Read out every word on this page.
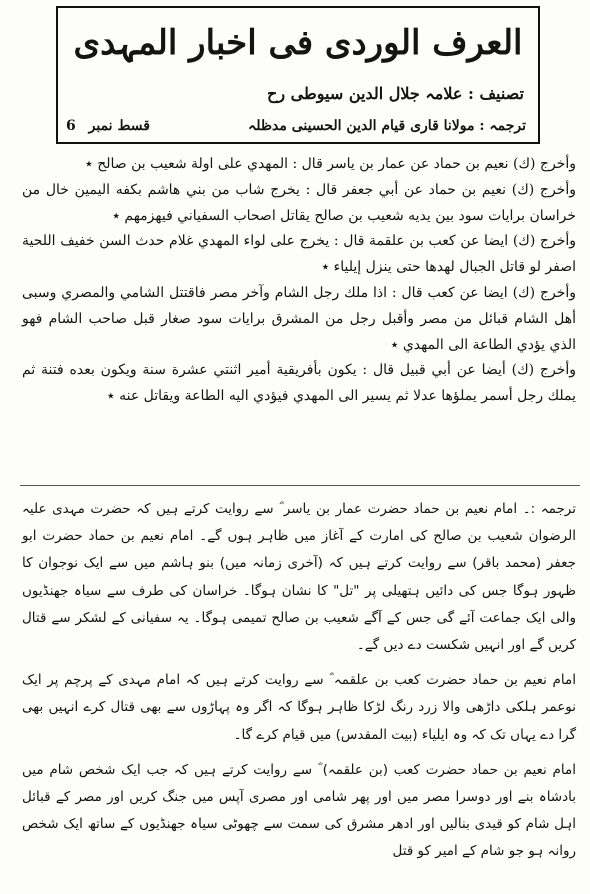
العرف الوردی فی اخبار المہدی
تصنیف : علامہ جلال الدین سیوطی رح
ترجمہ : مولانا قاری قیام الدین الحسینی مدظلہ
قسط نمبر 6

وأخرج (ك) نعيم بن حماد عن عمار بن ياسر قال : المهدي على اولة شعيب بن صالح ٭

وأخرج (ك) نعيم بن حماد عن أبي جعفر قال : يخرج شاب من بني هاشم بكفه اليمين خال من خراسان برايات سود بين يديه شعيب بن صالح يقاتل اصحاب السفياني فيهزمهم ٭

وأخرج (ك) ايضا عن كعب بن علقمة قال : يخرج على لواء المهدي غلام حدث السن خفيف اللحية اصفر لو قاتل الجبال لهدها حتى ينزل إيلياء ٭

وأخرج (ك) ايضا عن كعب قال : اذا ملك رجل الشام وآخر مصر فاقتتل الشامي والمصري وسبى أهل الشام قبائل من مصر وأقبل رجل من المشرق برايات سود صغار قبل صاحب الشام فهو الذي يؤدي الطاعة الى المهدي ٭

وأخرج (ك) أيضا عن أبي قبيل قال : يكون بأفريقية أمير اثنتي عشرة سنة ويكون بعده فتنة ثم يملك رجل أسمر يملؤها عدلا ثم يسير الى المهدي فيؤدي اليه الطاعة ويقاتل عنه ٭

ترجمہ :۔ امام نعیم بن حماد حضرت عمار بن یاسر ؓ سے روایت کرتے ہیں کہ حضرت مہدی علیہ الرضوان شعیب بن صالح کی امارت کے آغاز میں ظاہر ہوں گے۔ امام نعیم بن حماد حضرت ابو جعفر (محمد باقر) سے روایت کرتے ہیں کہ (آخری زمانہ میں) بنو ہاشم میں سے ایک نوجوان کا ظہور ہوگا جس کی دائیں ہتھیلی پر "تل" کا نشان ہوگا۔ خراسان کی طرف سے سیاہ جھنڈیوں والی ایک جماعت آئے گی جس کے آگے شعیب بن صالح تمیمی ہوگا۔ یہ سفیانی کے لشکر سے قتال کریں گے اور انہیں شکست دے دیں گے۔

امام نعیم بن حماد حضرت کعب بن علقمہ ؓ سے روایت کرتے ہیں کہ امام مہدی کے پرچم پر ایک نوعمر ہلکی داڑھی والا زرد رنگ لڑکا ظاہر ہوگا کہ اگر وہ پہاڑوں سے بھی قتال کرے انہیں بھی گرا دے یہاں تک کہ وہ ایلیاء (بیت المقدس) میں قیام کرے گا۔

امام نعیم بن حماد حضرت کعب (بن علقمہ) ؓ سے روایت کرتے ہیں کہ جب ایک شخص شام میں بادشاہ بنے اور دوسرا مصر میں اور پھر شامی اور مصری آپس میں جنگ کریں اور مصر کے قبائل اہل شام کو قیدی بنالیں اور ادھر مشرق کی سمت سے چھوٹی سیاہ جھنڈیوں کے ساتھ ایک شخص روانہ ہو جو شام کے امیر کو قتل
